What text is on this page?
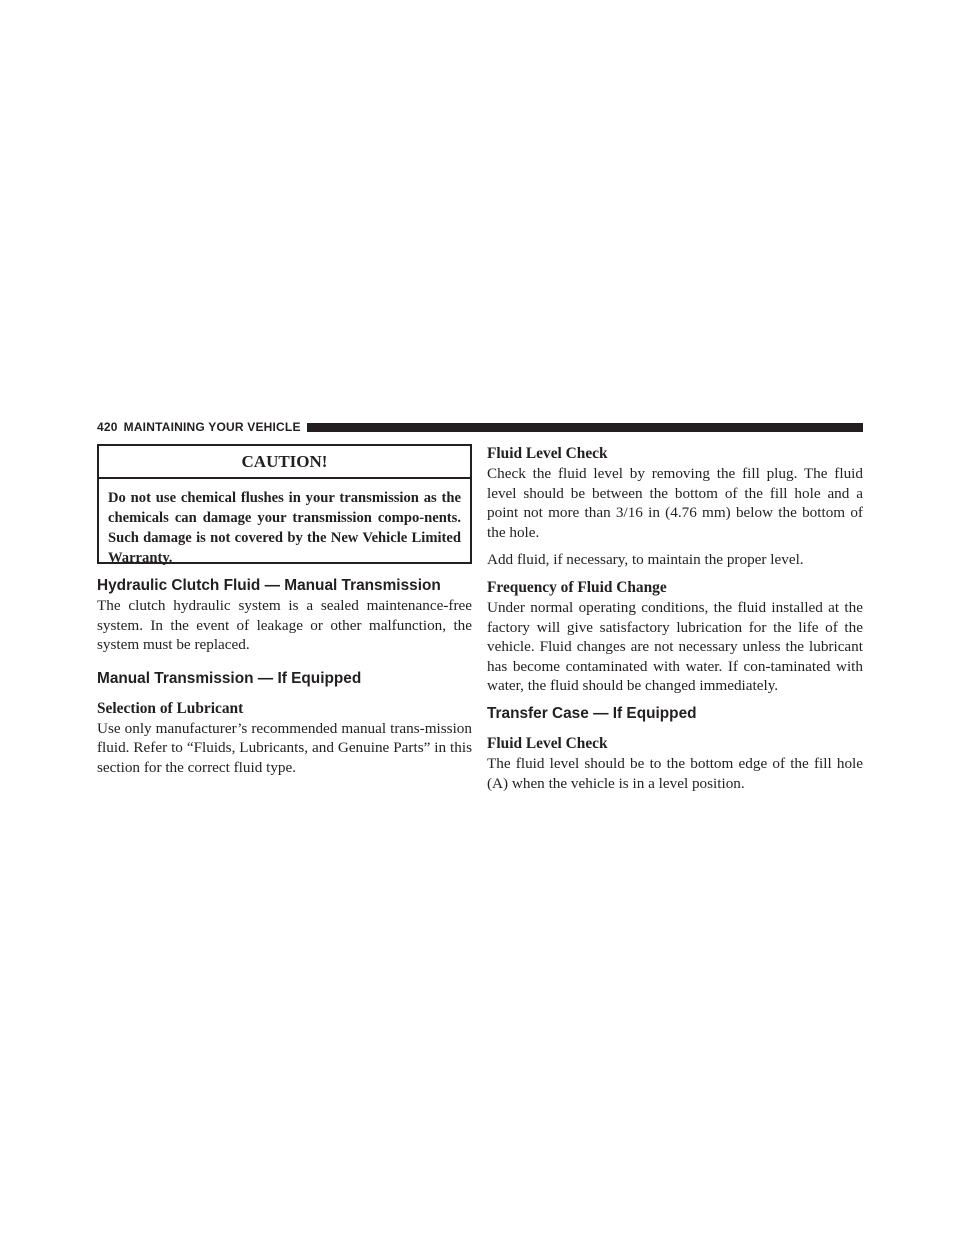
420 MAINTAINING YOUR VEHICLE
CAUTION!
Do not use chemical flushes in your transmission as the chemicals can damage your transmission compo-nents. Such damage is not covered by the New Vehicle Limited Warranty.
Hydraulic Clutch Fluid — Manual Transmission

The clutch hydraulic system is a sealed maintenance-free system. In the event of leakage or other malfunction, the system must be replaced.

Manual Transmission — If Equipped
Selection of Lubricant

Use only manufacturer’s recommended manual trans-mission fluid. Refer to “Fluids, Lubricants, and Genuine Parts” in this section for the correct fluid type.

Fluid Level Check

Check the fluid level by removing the fill plug. The fluid level should be between the bottom of the fill hole and a point not more than 3/16 in (4.76 mm) below the bottom of the hole.

Add fluid, if necessary, to maintain the proper level.

Frequency of Fluid Change

Under normal operating conditions, the fluid installed at the factory will give satisfactory lubrication for the life of the vehicle. Fluid changes are not necessary unless the lubricant has become contaminated with water. If con-taminated with water, the fluid should be changed immediately.

Transfer Case — If Equipped
Fluid Level Check

The fluid level should be to the bottom edge of the fill hole (A) when the vehicle is in a level position.
